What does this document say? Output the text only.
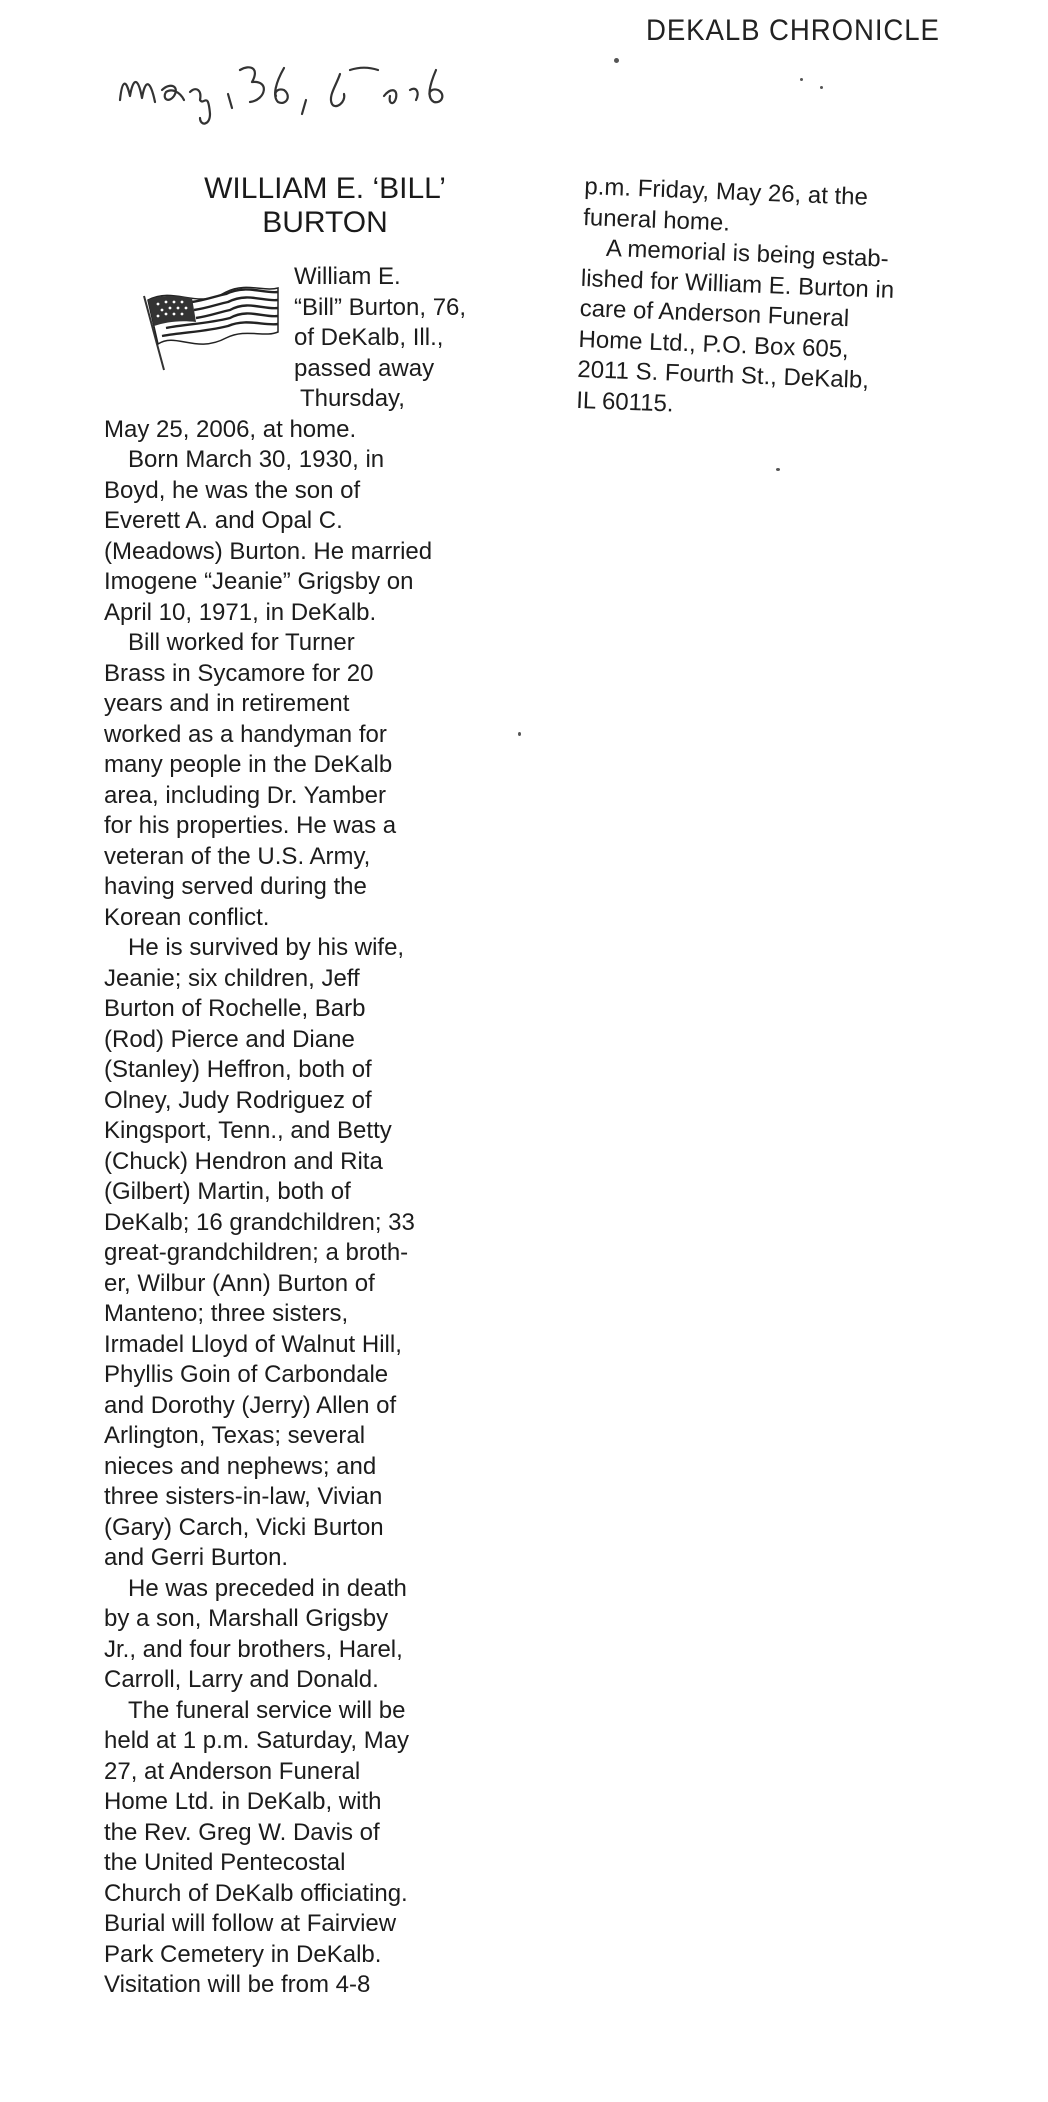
DEKALB CHRONICLE
WILLIAM E. ‘BILL’
BURTON

William E.
“Bill” Burton, 76,
of DeKalb, Ill.,
passed away
Thursday,
May 25, 2006, at home.

Born March 30, 1930, in
Boyd, he was the son of
Everett A. and Opal C.
(Meadows) Burton. He married
Imogene “Jeanie” Grigsby on
April 10, 1971, in DeKalb.

Bill worked for Turner
Brass in Sycamore for 20
years and in retirement
worked as a handyman for
many people in the DeKalb
area, including Dr. Yamber
for his properties. He was a
veteran of the U.S. Army,
having served during the
Korean conflict.

He is survived by his wife,
Jeanie; six children, Jeff
Burton of Rochelle, Barb
(Rod) Pierce and Diane
(Stanley) Heffron, both of
Olney, Judy Rodriguez of
Kingsport, Tenn., and Betty
(Chuck) Hendron and Rita
(Gilbert) Martin, both of
DeKalb; 16 grandchildren; 33
great-grandchildren; a broth-
er, Wilbur (Ann) Burton of
Manteno; three sisters,
Irmadel Lloyd of Walnut Hill,
Phyllis Goin of Carbondale
and Dorothy (Jerry) Allen of
Arlington, Texas; several
nieces and nephews; and
three sisters-in-law, Vivian
(Gary) Carch, Vicki Burton
and Gerri Burton.

He was preceded in death
by a son, Marshall Grigsby
Jr., and four brothers, Harel,
Carroll, Larry and Donald.

The funeral service will be
held at 1 p.m. Saturday, May
27, at Anderson Funeral
Home Ltd. in DeKalb, with
the Rev. Greg W. Davis of
the United Pentecostal
Church of DeKalb officiating.
Burial will follow at Fairview
Park Cemetery in DeKalb.
Visitation will be from 4-8

p.m. Friday, May 26, at the
funeral home.

A memorial is being estab-
lished for William E. Burton in
care of Anderson Funeral
Home Ltd., P.O. Box 605,
2011 S. Fourth St., DeKalb,
IL 60115.
